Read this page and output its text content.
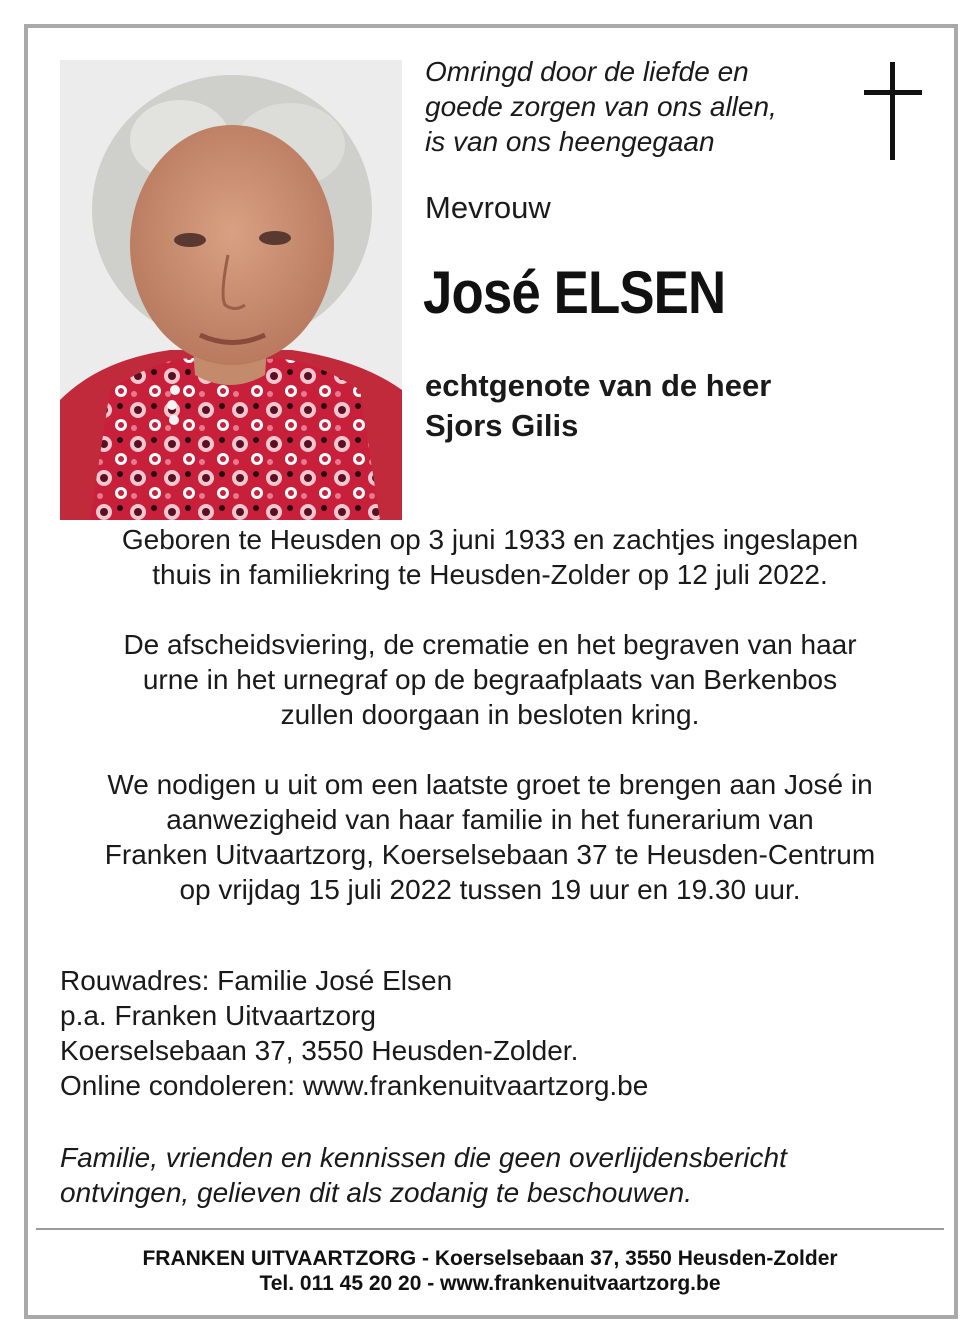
Omringd door de liefde en
goede zorgen van ons allen,
is van ons heengegaan
Mevrouw
José ELSEN
echtgenote van de heer
Sjors Gilis
Geboren te Heusden op 3 juni 1933 en zachtjes ingeslapen
thuis in familiekring te Heusden-Zolder op 12 juli 2022.
De afscheidsviering, de crematie en het begraven van haar
urne in het urnegraf op de begraafplaats van Berkenbos
zullen doorgaan in besloten kring.
We nodigen u uit om een laatste groet te brengen aan José in
aanwezigheid van haar familie in het funerarium van
Franken Uitvaartzorg, Koerselsebaan 37 te Heusden-Centrum
op vrijdag 15 juli 2022 tussen 19 uur en 19.30 uur.
Rouwadres: Familie José Elsen
p.a. Franken Uitvaartzorg
Koerselsebaan 37, 3550 Heusden-Zolder.
Online condoleren: www.frankenuitvaartzorg.be
Familie, vrienden en kennissen die geen overlijdensbericht
ontvingen, gelieven dit als zodanig te beschouwen.
FRANKEN UITVAARTZORG - Koerselsebaan 37, 3550 Heusden-Zolder
Tel. 011 45 20 20 - www.frankenuitvaartzorg.be
